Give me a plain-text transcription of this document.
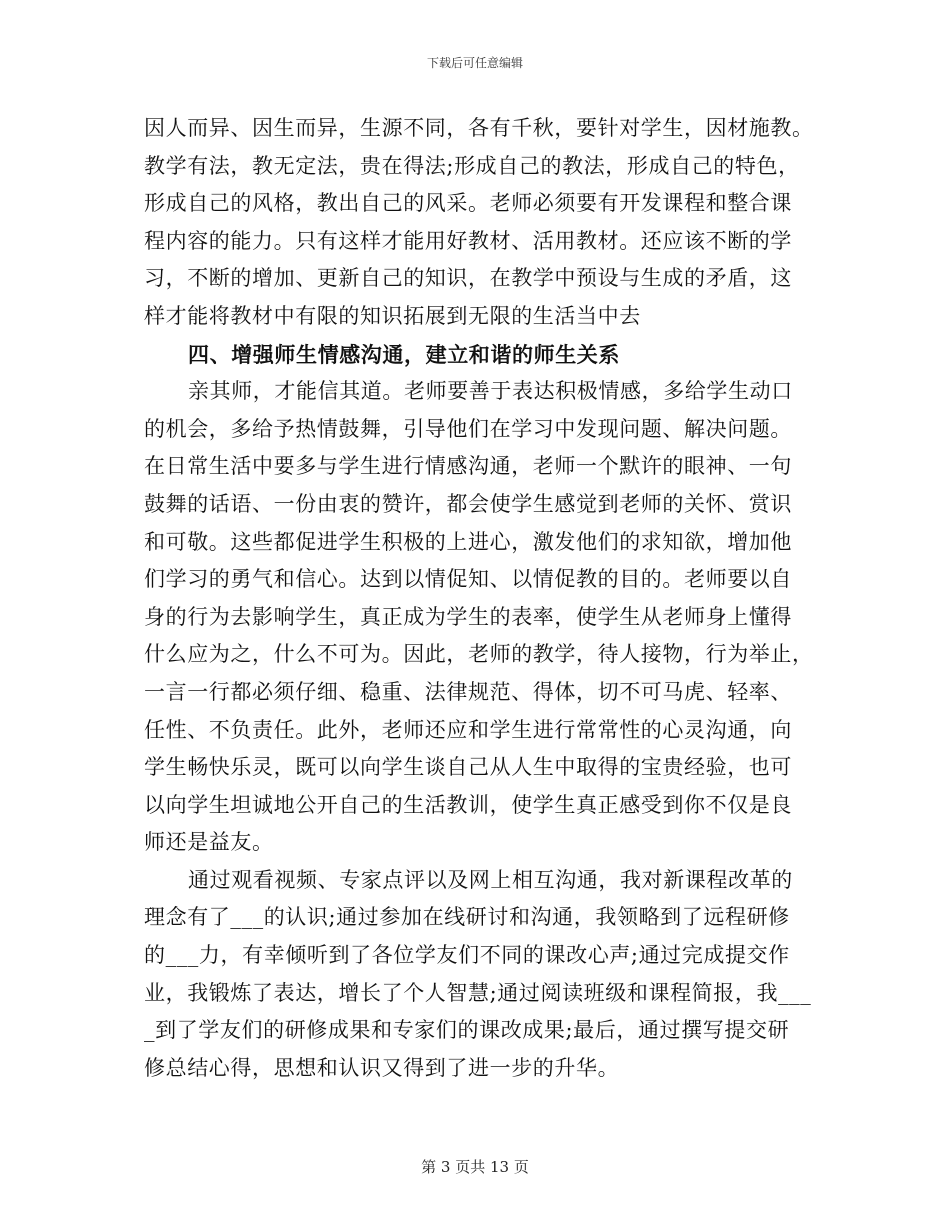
下载后可任意编辑
因人而异、因生而异，生源不同，各有千秋，要针对学生，因材施教。
教学有法，教无定法，贵在得法;形成自己的教法，形成自己的特色，
形成自己的风格，教出自己的风采。老师必须要有开发课程和整合课
程内容的能力。只有这样才能用好教材、活用教材。还应该不断的学
习，不断的增加、更新自己的知识，在教学中预设与生成的矛盾，这
样才能将教材中有限的知识拓展到无限的生活当中去
四、增强师生情感沟通，建立和谐的师生关系
亲其师，才能信其道。老师要善于表达积极情感，多给学生动口
的机会，多给予热情鼓舞，引导他们在学习中发现问题、解决问题。
在日常生活中要多与学生进行情感沟通，老师一个默许的眼神、一句
鼓舞的话语、一份由衷的赞许，都会使学生感觉到老师的关怀、赏识
和可敬。这些都促进学生积极的上进心，激发他们的求知欲，增加他
们学习的勇气和信心。达到以情促知、以情促教的目的。老师要以自
身的行为去影响学生，真正成为学生的表率，使学生从老师身上懂得
什么应为之，什么不可为。因此，老师的教学，待人接物，行为举止，
一言一行都必须仔细、稳重、法律规范、得体，切不可马虎、轻率、
任性、不负责任。此外，老师还应和学生进行常常性的心灵沟通，向
学生畅快乐灵，既可以向学生谈自己从人生中取得的宝贵经验，也可
以向学生坦诚地公开自己的生活教训，使学生真正感受到你不仅是良
师还是益友。
通过观看视频、专家点评以及网上相互沟通，我对新课程改革的
理念有了___的认识;通过参加在线研讨和沟通，我领略到了远程研修
的___力，有幸倾听到了各位学友们不同的课改心声;通过完成提交作
业，我锻炼了表达，增长了个人智慧;通过阅读班级和课程简报，我___
_到了学友们的研修成果和专家们的课改成果;最后，通过撰写提交研
修总结心得，思想和认识又得到了进一步的升华。
第 3 页共 13 页
